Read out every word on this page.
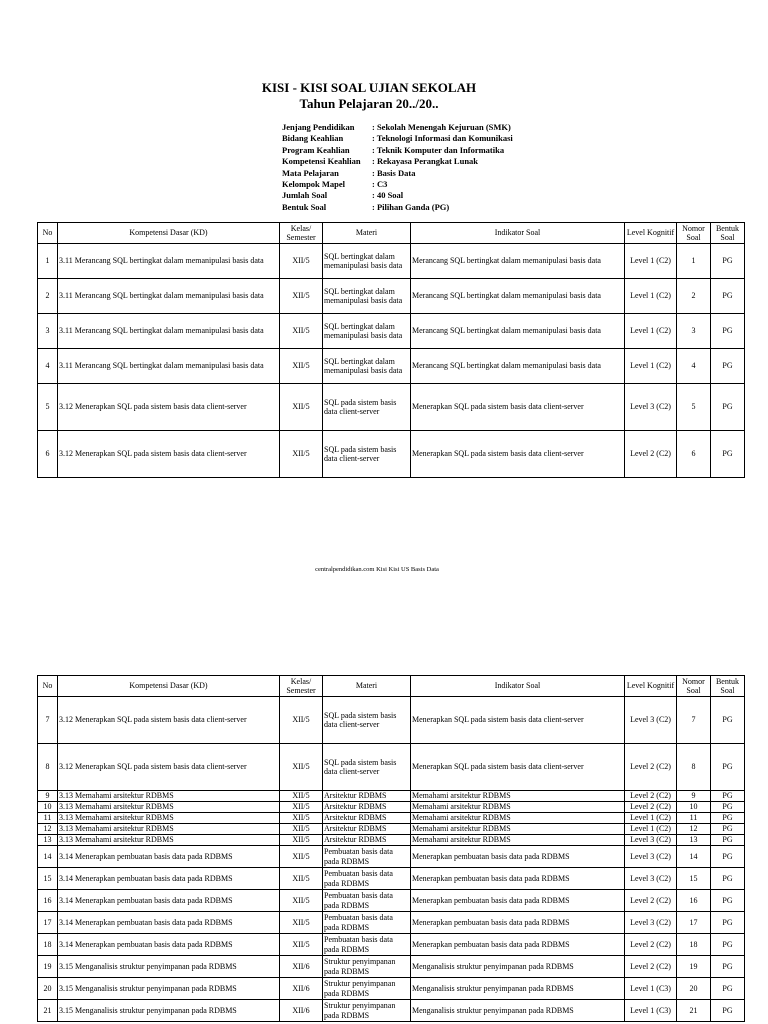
KISI - KISI SOAL UJIAN SEKOLAH
Tahun Pelajaran 20../20..
Jenjang Pendidikan	: Sekolah Menengah Kejuruan (SMK)
Bidang Keahlian	: Teknologi Informasi dan Komunikasi
Program Keahlian	: Teknik Komputer dan Informatika
Kompetensi Keahlian	: Rekayasa Perangkat Lunak
Mata Pelajaran	: Basis Data
Kelompok Mapel	: C3
Jumlah Soal	: 40 Soal
Bentuk Soal	: Pilihan Ganda (PG)
No	Kompetensi Dasar (KD)	Kelas/ Semester	Materi	Indikator Soal	Level Kognitif	Nomor Soal	Bentuk Soal
1	3.11 Merancang SQL bertingkat dalam memanipulasi basis data	XII/5	SQL bertingkat dalam memanipulasi basis data	Merancang SQL bertingkat dalam memanipulasi basis data	Level 1 (C2)	1	PG
2	3.11 Merancang SQL bertingkat dalam memanipulasi basis data	XII/5	SQL bertingkat dalam memanipulasi basis data	Merancang SQL bertingkat dalam memanipulasi basis data	Level 1 (C2)	2	PG
3	3.11 Merancang SQL bertingkat dalam memanipulasi basis data	XII/5	SQL bertingkat dalam memanipulasi basis data	Merancang SQL bertingkat dalam memanipulasi basis data	Level 1 (C2)	3	PG
4	3.11 Merancang SQL bertingkat dalam memanipulasi basis data	XII/5	SQL bertingkat dalam memanipulasi basis data	Merancang SQL bertingkat dalam memanipulasi basis data	Level 1 (C2)	4	PG
5	3.12 Menerapkan SQL pada sistem basis data client-server	XII/5	SQL pada sistem basis data client-server	Menerapkan SQL pada sistem basis data client-server	Level 3 (C2)	5	PG
6	3.12 Menerapkan SQL pada sistem basis data client-server	XII/5	SQL pada sistem basis data client-server	Menerapkan SQL pada sistem basis data client-server	Level 2 (C2)	6	PG
centralpendidikan.com Kisi Kisi US Basis Data
No	Kompetensi Dasar (KD)	Kelas/ Semester	Materi	Indikator Soal	Level Kognitif	Nomor Soal	Bentuk Soal
7	3.12 Menerapkan SQL pada sistem basis data client-server	XII/5	SQL pada sistem basis data client-server	Menerapkan SQL pada sistem basis data client-server	Level 3 (C2)	7	PG
8	3.12 Menerapkan SQL pada sistem basis data client-server	XII/5	SQL pada sistem basis data client-server	Menerapkan SQL pada sistem basis data client-server	Level 2 (C2)	8	PG
9	3.13 Memahami arsitektur RDBMS	XII/5	Arsitektur RDBMS	Memahami arsitektur RDBMS	Level 2 (C2)	9	PG
10	3.13 Memahami arsitektur RDBMS	XII/5	Arsitektur RDBMS	Memahami arsitektur RDBMS	Level 2 (C2)	10	PG
11	3.13 Memahami arsitektur RDBMS	XII/5	Arsitektur RDBMS	Memahami arsitektur RDBMS	Level 1 (C2)	11	PG
12	3.13 Memahami arsitektur RDBMS	XII/5	Arsitektur RDBMS	Memahami arsitektur RDBMS	Level 1 (C2)	12	PG
13	3.13 Memahami arsitektur RDBMS	XII/5	Arsitektur RDBMS	Memahami arsitektur RDBMS	Level 3 (C2)	13	PG
14	3.14 Menerapkan pembuatan basis data pada RDBMS	XII/5	Pembuatan basis data pada RDBMS	Menerapkan pembuatan basis data pada RDBMS	Level 3 (C2)	14	PG
15	3.14 Menerapkan pembuatan basis data pada RDBMS	XII/5	Pembuatan basis data pada RDBMS	Menerapkan pembuatan basis data pada RDBMS	Level 3 (C2)	15	PG
16	3.14 Menerapkan pembuatan basis data pada RDBMS	XII/5	Pembuatan basis data pada RDBMS	Menerapkan pembuatan basis data pada RDBMS	Level 2 (C2)	16	PG
17	3.14 Menerapkan pembuatan basis data pada RDBMS	XII/5	Pembuatan basis data pada RDBMS	Menerapkan pembuatan basis data pada RDBMS	Level 3 (C2)	17	PG
18	3.14 Menerapkan pembuatan basis data pada RDBMS	XII/5	Pembuatan basis data pada RDBMS	Menerapkan pembuatan basis data pada RDBMS	Level 2 (C2)	18	PG
19	3.15 Menganalisis struktur penyimpanan pada RDBMS	XII/6	Struktur penyimpanan pada RDBMS	Menganalisis struktur penyimpanan pada RDBMS	Level 2 (C2)	19	PG
20	3.15 Menganalisis struktur penyimpanan pada RDBMS	XII/6	Struktur penyimpanan pada RDBMS	Menganalisis struktur penyimpanan pada RDBMS	Level 1 (C3)	20	PG
21	3.15 Menganalisis struktur penyimpanan pada RDBMS	XII/6	Struktur penyimpanan pada RDBMS	Menganalisis struktur penyimpanan pada RDBMS	Level 1 (C3)	21	PG
